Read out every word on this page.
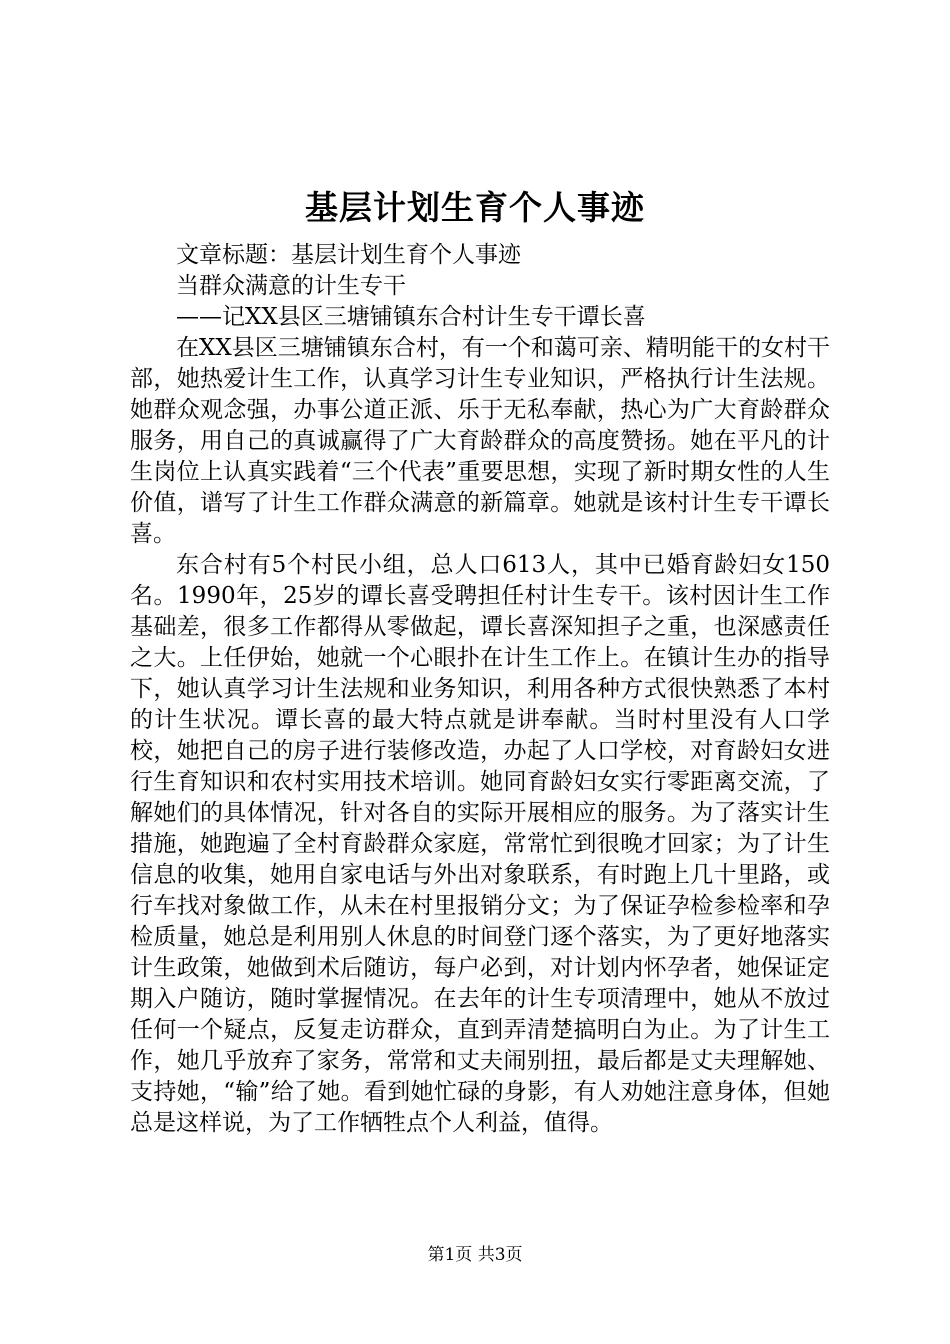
基层计划生育个人事迹

文章标题：基层计划生育个人事迹

当群众满意的计生专干

——记XX县区三塘铺镇东合村计生专干谭长喜

在XX县区三塘铺镇东合村，有一个和蔼可亲、精明能干的女村干部，她热爱计生工作，认真学习计生专业知识，严格执行计生法规。她群众观念强，办事公道正派、乐于无私奉献，热心为广大育龄群众服务，用自己的真诚赢得了广大育龄群众的高度赞扬。她在平凡的计生岗位上认真实践着“三个代表”重要思想，实现了新时期女性的人生价值，谱写了计生工作群众满意的新篇章。她就是该村计生专干谭长喜。

东合村有5个村民小组，总人口613人，其中已婚育龄妇女150名。1990年，25岁的谭长喜受聘担任村计生专干。该村因计生工作基础差，很多工作都得从零做起，谭长喜深知担子之重，也深感责任之大。上任伊始，她就一个心眼扑在计生工作上。在镇计生办的指导下，她认真学习计生法规和业务知识，利用各种方式很快熟悉了本村的计生状况。谭长喜的最大特点就是讲奉献。当时村里没有人口学校，她把自己的房子进行装修改造，办起了人口学校，对育龄妇女进行生育知识和农村实用技术培训。她同育龄妇女实行零距离交流，了解她们的具体情况，针对各自的实际开展相应的服务。为了落实计生措施，她跑遍了全村育龄群众家庭，常常忙到很晚才回家；为了计生信息的收集，她用自家电话与外出对象联系，有时跑上几十里路，或行车找对象做工作，从未在村里报销分文；为了保证孕检参检率和孕检质量，她总是利用别人休息的时间登门逐个落实，为了更好地落实计生政策，她做到术后随访，每户必到，对计划内怀孕者，她保证定期入户随访，随时掌握情况。在去年的计生专项清理中，她从不放过任何一个疑点，反复走访群众，直到弄清楚搞明白为止。为了计生工作，她几乎放弃了家务，常常和丈夫闹别扭，最后都是丈夫理解她、支持她，“输”给了她。看到她忙碌的身影，有人劝她注意身体，但她总是这样说，为了工作牺牲点个人利益，值得。

第1页 共3页
